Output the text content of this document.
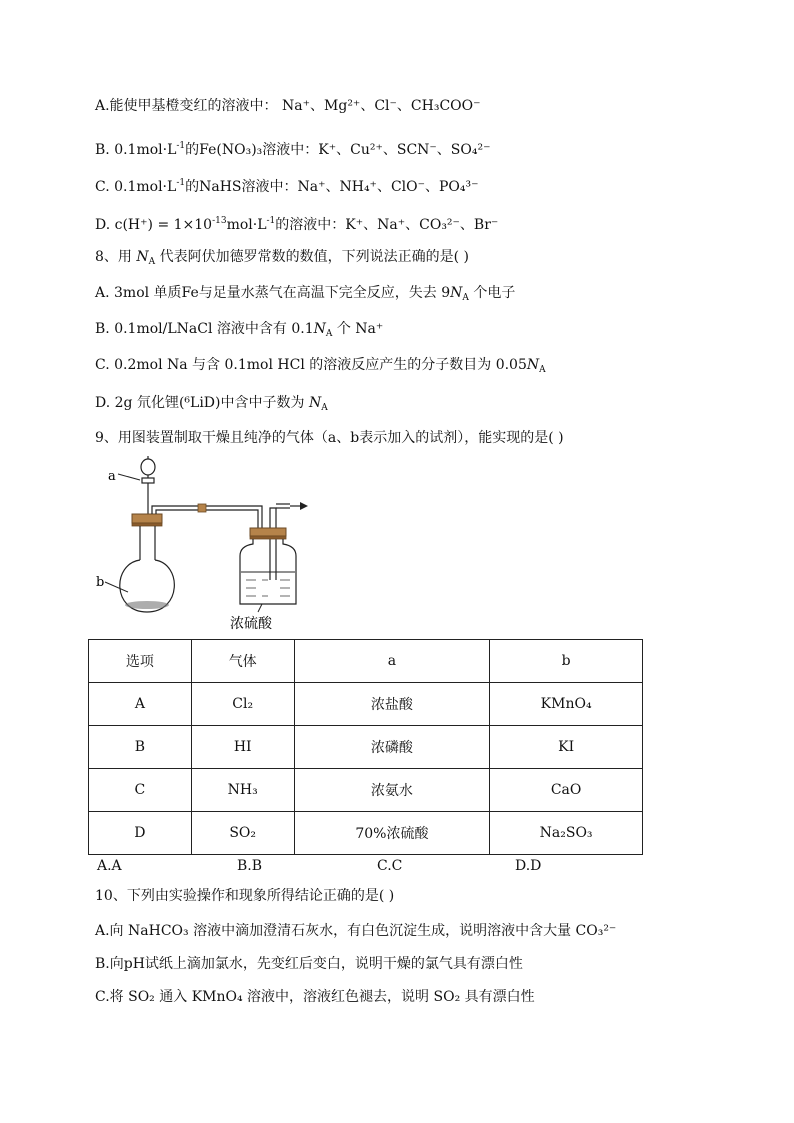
A.能使甲基橙变红的溶液中： Na⁺、Mg²⁺、Cl⁻、CH₃COO⁻
B. $0.1mol\cdot L^{-1}$的Fe(NO₃)₃溶液中：K⁺、Cu²⁺、SCN⁻、SO₄²⁻
C. $0.1mol\cdot L^{-1}$的NaHS溶液中：Na⁺、NH₄⁺、ClO⁻、PO₄³⁻
D. $c(H^+) = 1\times 10^{-13}mol\cdot L^{-1}$的溶液中：K⁺、Na⁺、CO₃²⁻、Br⁻
8、用 $N_A$ 代表阿伏加德罗常数的数值，下列说法正确的是( )
A. 3mol 单质Fe与足量水蒸气在高温下完全反应，失去 $9N_A$ 个电子
B. 0.1mol/LNaCl 溶液中含有 $0.1N_A$ 个 Na⁺
C. 0.2mol Na 与含 0.1mol HCl 的溶液反应产生的分子数目为 $0.05N_A$
D. 2g 氘化锂(⁶LiD)中含中子数为 $N_A$
9、用图装置制取干燥且纯净的气体（a、b表示加入的试剂），能实现的是( )
a
b
浓硫酸
选项	气体	a	b
A	Cl₂	浓盐酸	KMnO₄
B	HI	浓磷酸	KI
C	NH₃	浓氨水	CaO
D	SO₂	70%浓硫酸	Na₂SO₃
A.A	B.B	C.C	D.D
10、下列由实验操作和现象所得结论正确的是( )
A.向 NaHCO₃ 溶液中滴加澄清石灰水，有白色沉淀生成，说明溶液中含大量 CO₃²⁻
B.向pH试纸上滴加氯水，先变红后变白，说明干燥的氯气具有漂白性
C.将 SO₂ 通入 KMnO₄ 溶液中，溶液红色褪去，说明 SO₂ 具有漂白性
